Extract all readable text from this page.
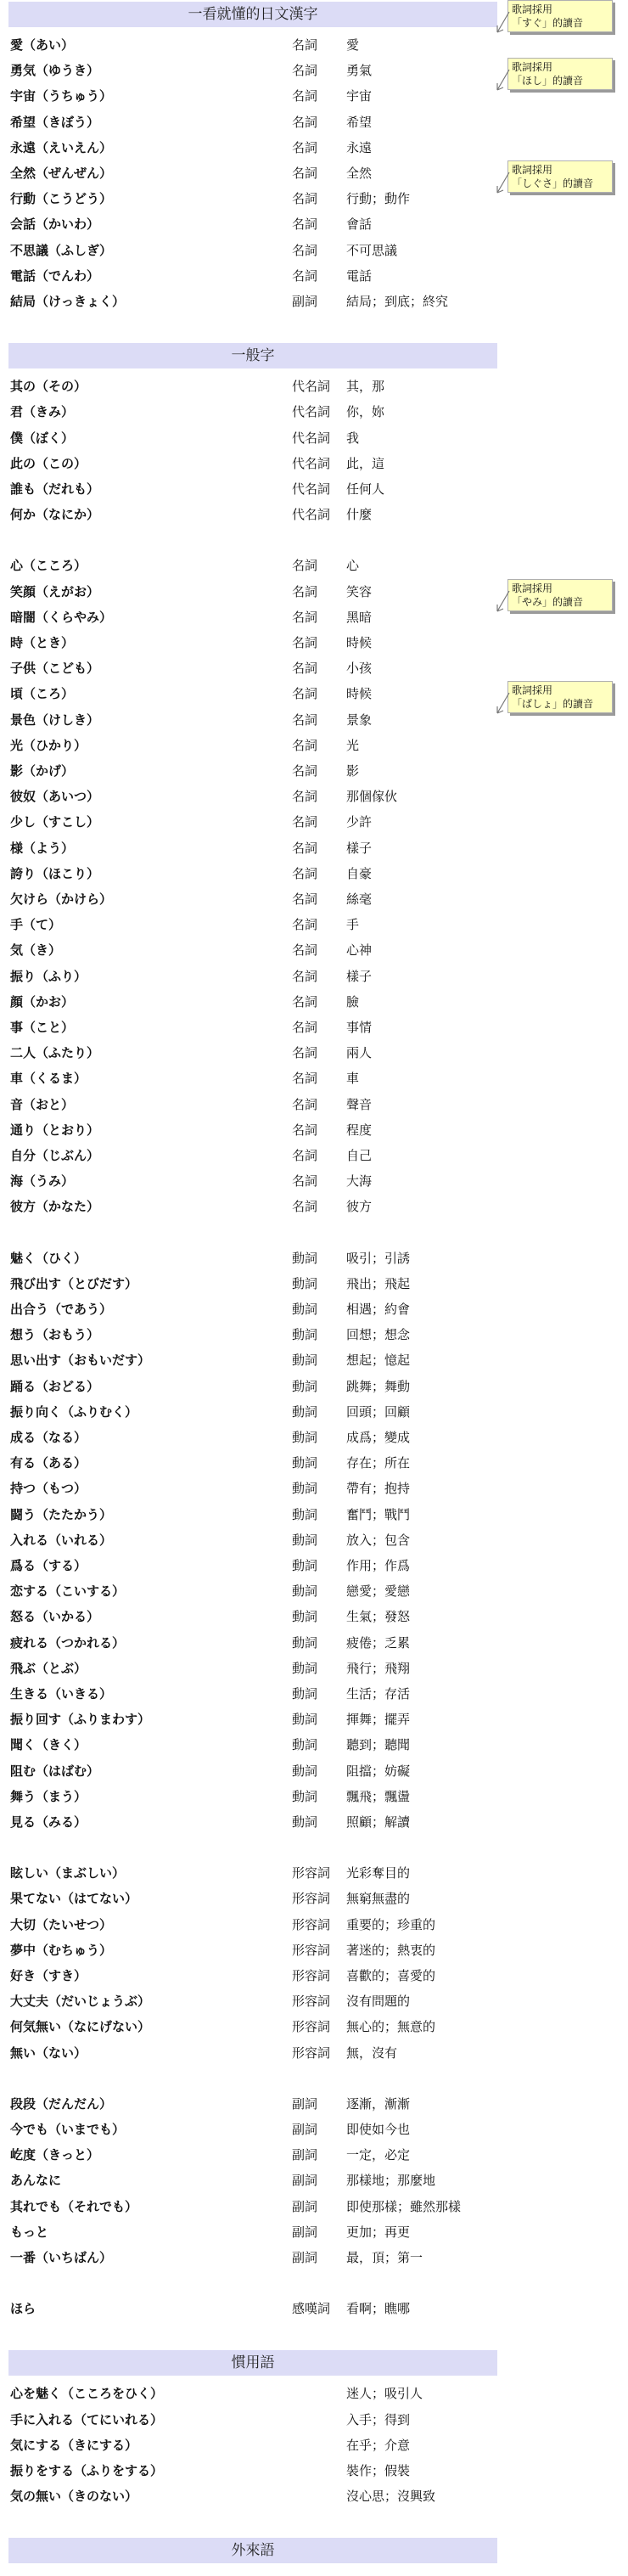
一看就懂的日文漢字
愛（あい）	名詞 愛
勇気（ゆうき）	名詞 勇氣
宇宙（うちゅう）	名詞 宇宙
希望（きぼう）	名詞 希望
永遠（えいえん）	名詞 永遠
全然（ぜんぜん）	名詞 全然
行動（こうどう）	名詞 行動；動作
会話（かいわ）	名詞 會話
不思議（ふしぎ）	名詞 不可思議
電話（でんわ）	名詞 電話
結局（けっきょく）	副詞 結局；到底；終究
一般字
其の（その）	代名詞 其，那
君（きみ）	代名詞 你，妳
僕（ぼく）	代名詞 我
此の（この）	代名詞 此，這
誰も（だれも）	代名詞 任何人
何か（なにか）	代名詞 什麼
心（こころ）	名詞 心
笑顔（えがお）	名詞 笑容
暗闇（くらやみ）	名詞 黑暗
時（とき）	名詞 時候
子供（こども）	名詞 小孩
頃（ころ）	名詞 時候
景色（けしき）	名詞 景象
光（ひかり）	名詞 光
影（かげ）	名詞 影
彼奴（あいつ）	名詞 那個傢伙
少し（すこし）	名詞 少許
様（よう）	名詞 樣子
誇り（ほこり）	名詞 自豪
欠けら（かけら）	名詞 絲毫
手（て）	名詞 手
気（き）	名詞 心神
振り（ふり）	名詞 樣子
顔（かお）	名詞 臉
事（こと）	名詞 事情
二人（ふたり）	名詞 兩人
車（くるま）	名詞 車
音（おと）	名詞 聲音
通り（とおり）	名詞 程度
自分（じぶん）	名詞 自己
海（うみ）	名詞 大海
彼方（かなた）	名詞 彼方
魅く（ひく）	動詞 吸引；引誘
飛び出す（とびだす）	動詞 飛出；飛起
出合う（であう）	動詞 相遇；約會
想う（おもう）	動詞 回想；想念
思い出す（おもいだす）	動詞 想起；憶起
踊る（おどる）	動詞 跳舞；舞動
振り向く（ふりむく）	動詞 回頭；回顧
成る（なる）	動詞 成爲；變成
有る（ある）	動詞 存在；所在
持つ（もつ）	動詞 帶有；抱持
闘う（たたかう）	動詞 奮鬥；戰鬥
入れる（いれる）	動詞 放入；包含
爲る（する）	動詞 作用；作爲
恋する（こいする）	動詞 戀愛；愛戀
怒る（いかる）	動詞 生氣；發怒
疲れる（つかれる）	動詞 疲倦；乏累
飛ぶ（とぶ）	動詞 飛行；飛翔
生きる（いきる）	動詞 生活；存活
振り回す（ふりまわす）	動詞 揮舞；擺弄
聞く（きく）	動詞 聽到；聽聞
阻む（はばむ）	動詞 阻擋；妨礙
舞う（まう）	動詞 飄飛；飄盪
見る（みる）	動詞 照顧；解讀
眩しい（まぶしい）	形容詞 光彩奪目的
果てない（はてない）	形容詞 無窮無盡的
大切（たいせつ）	形容詞 重要的；珍重的
夢中（むちゅう）	形容詞 著迷的；熱衷的
好き（すき）	形容詞 喜歡的；喜愛的
大丈夫（だいじょうぶ）	形容詞 沒有問題的
何気無い（なにげない）	形容詞 無心的；無意的
無い（ない）	形容詞 無，沒有
段段（だんだん）	副詞 逐漸，漸漸
今でも（いまでも）	副詞 即使如今也
屹度（きっと）	副詞 一定，必定
あんなに	副詞 那樣地；那麼地
其れでも（それでも）	副詞 即使那樣；雖然那樣
もっと	副詞 更加；再更
一番（いちばん）	副詞 最，頂；第一
ほら	感嘆詞 看啊；瞧哪
慣用語
心を魅く（こころをひく）	迷人；吸引人
手に入れる（てにいれる）	入手；得到
気にする（きにする）	在乎；介意
振りをする（ふりをする）	裝作；假裝
気の無い（きのない）	沒心思；沒興致
外來語
歌詞採用
「ほし」的讀音
歌詞採用
「しぐさ」的讀音
歌詞採用
「やみ」的讀音
歌詞採用
「ばしょ」的讀音
歌詞採用
「すぐ」的讀音
